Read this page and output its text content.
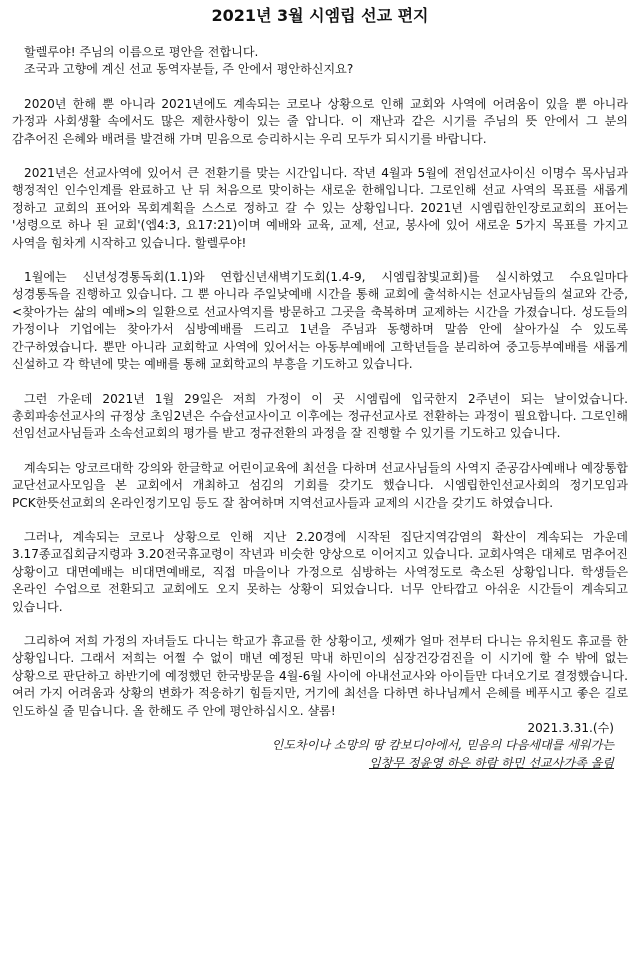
2021년 3월 시엠립 선교 편지

할렐루야! 주님의 이름으로 평안을 전합니다.

조국과 고향에 계신 선교 동역자분들, 주 안에서 평안하신지요?

2020년 한해 뿐 아니라 2021년에도 계속되는 코로나 상황으로 인해 교회와 사역에 어려움이 있을 뿐 아니라 가정과 사회생활 속에서도 많은 제한사항이 있는 줄 압니다. 이 재난과 같은 시기를 주님의 뜻 안에서 그 분의 감추어진 은혜와 배려를 발견해 가며 믿음으로 승리하시는 우리 모두가 되시기를 바랍니다.

2021년은 선교사역에 있어서 큰 전환기를 맞는 시간입니다. 작년 4월과 5월에 전임선교사이신 이명수 목사님과 행정적인 인수인계를 완료하고 난 뒤 처음으로 맞이하는 새로운 한해입니다. 그로인해 선교 사역의 목표를 새롭게 정하고 교회의 표어와 목회계획을 스스로 정하고 갈 수 있는 상황입니다. 2021년 시엠립한인장로교회의 표어는 '성령으로 하나 된 교회'(엡4:3, 요17:21)이며 예배와 교육, 교제, 선교, 봉사에 있어 새로운 5가지 목표를 가지고 사역을 힘차게 시작하고 있습니다. 할렐루야!

1월에는 신년성경통독회(1.1)와 연합신년새벽기도회(1.4-9, 시엠립참빛교회)를 실시하였고 수요일마다 성경통독을 진행하고 있습니다. 그 뿐 아니라 주일낮예배 시간을 통해 교회에 출석하시는 선교사님들의 설교와 간증, <찾아가는 삶의 예배>의 일환으로 선교사역지를 방문하고 그곳을 축복하며 교제하는 시간을 가졌습니다. 성도들의 가정이나 기업에는 찾아가서 심방예배를 드리고 1년을 주님과 동행하며 말씀 안에 살아가실 수 있도록 간구하였습니다. 뿐만 아니라 교회학교 사역에 있어서는 아동부예배에 고학년들을 분리하여 중고등부예배를 새롭게 신설하고 각 학년에 맞는 예배를 통해 교회학교의 부흥을 기도하고 있습니다.

그런 가운데 2021년 1월 29일은 저희 가정이 이 곳 시엠립에 입국한지 2주년이 되는 날이었습니다. 총회파송선교사의 규정상 초임2년은 수습선교사이고 이후에는 정규선교사로 전환하는 과정이 필요합니다. 그로인해 선임선교사님들과 소속선교회의 평가를 받고 정규전환의 과정을 잘 진행할 수 있기를 기도하고 있습니다.

계속되는 앙코르대학 강의와 한글학교 어린이교육에 최선을 다하며 선교사님들의 사역지 준공감사예배나 예장통합 교단선교사모임을 본 교회에서 개최하고 섬김의 기회를 갖기도 했습니다. 시엠립한인선교사회의 정기모임과 PCK한뜻선교회의 온라인정기모임 등도 잘 참여하며 지역선교사들과 교제의 시간을 갖기도 하였습니다.

그러나, 계속되는 코로나 상황으로 인해 지난 2.20경에 시작된 집단지역감염의 확산이 계속되는 가운데 3.17종교집회금지령과 3.20전국휴교령이 작년과 비슷한 양상으로 이어지고 있습니다. 교회사역은 대체로 멈추어진 상황이고 대면예배는 비대면예배로, 직접 마을이나 가정으로 심방하는 사역정도로 축소된 상황입니다. 학생들은 온라인 수업으로 전환되고 교회에도 오지 못하는 상황이 되었습니다. 너무 안타깝고 아쉬운 시간들이 계속되고 있습니다.

그리하여 저희 가정의 자녀들도 다니는 학교가 휴교를 한 상황이고, 셋째가 얼마 전부터 다니는 유치원도 휴교를 한 상황입니다. 그래서 저희는 어쩔 수 없이 매년 예정된 막내 하민이의 심장건강검진을 이 시기에 할 수 밖에 없는 상황으로 판단하고 하반기에 예정했던 한국방문을 4월-6월 사이에 아내선교사와 아이들만 다녀오기로 결정했습니다. 여러 가지 어려움과 상황의 변화가 적응하기 힘들지만, 거기에 최선을 다하면 하나님께서 은혜를 베푸시고 좋은 길로 인도하실 줄 믿습니다. 올 한해도 주 안에 평안하십시오. 샬롬!

2021.3.31.(수)
인도차이나 소망의 땅 캄보디아에서, 믿음의 다음세대를 세워가는
임창무 정윤영 하은 하람 하민 선교사가족 올림
